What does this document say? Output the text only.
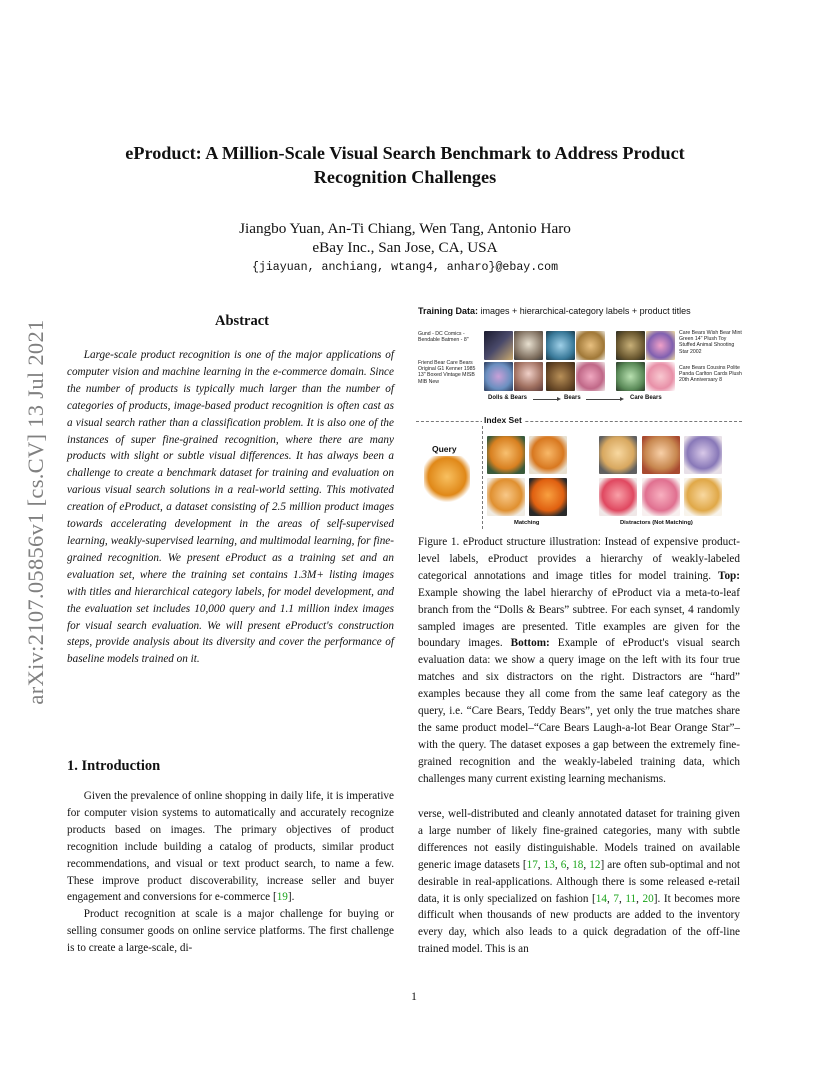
arXiv:2107.05856v1 [cs.CV] 13 Jul 2021
eProduct: A Million-Scale Visual Search Benchmark to Address Product
Recognition Challenges
Jiangbo Yuan, An-Ti Chiang, Wen Tang, Antonio Haro
eBay Inc., San Jose, CA, USA
{jiayuan, anchiang, wtang4, anharo}@ebay.com
Abstract
Large-scale product recognition is one of the major applications of computer vision and machine learning in the e-commerce domain. Since the number of products is typically much larger than the number of categories of products, image-based product recognition is often cast as a visual search rather than a classification problem. It is also one of the instances of super fine-grained recognition, where there are many products with slight or subtle visual differences. It has always been a challenge to create a benchmark dataset for training and evaluation on various visual search solutions in a real-world setting. This motivated creation of eProduct, a dataset consisting of 2.5 million product images towards accelerating development in the areas of self-supervised learning, weakly-supervised learning, and multimodal learning, for fine-grained recognition. We present eProduct as a training set and an evaluation set, where the training set contains 1.3M+ listing images with titles and hierarchical category labels, for model development, and the evaluation set includes 10,000 query and 1.1 million index images for visual search evaluation. We will present eProduct's construction steps, provide analysis about its diversity and cover the performance of baseline models trained on it.
1. Introduction

Given the prevalence of online shopping in daily life, it is imperative for computer vision systems to automatically and accurately recognize products based on images. The primary objectives of product recognition include building a catalog of products, similar product recommendations, and visual or text product search, to name a few. These improve product discoverability, increase seller and buyer engagement and conversions for e-commerce [19].

Product recognition at scale is a major challenge for buying or selling consumer goods on online service platforms. The first challenge is to create a large-scale, di-

verse, well-distributed and cleanly annotated dataset for training given a large number of likely fine-grained categories, many with subtle differences not easily distinguishable. Models trained on available generic image datasets [17, 13, 6, 18, 12] are often sub-optimal and not desirable in real-applications. Although there is some released e-retail data, it is only specialized on fashion [14, 7, 11, 20]. It becomes more difficult when thousands of new products are added to the inventory every day, which also leads to a quick degradation of the off-line trained model. This is an
Training Data: images + hierarchical-category labels + product titles
Gund - DC Comics - Bendable Batmen - 8"
Friend Bear Care Bears Original G1 Kenner 1985 13" Boxed Vintage MISB MIB New
Care Bears Wish Bear Mint Green 14" Plush Toy Stuffed Animal Shooting Star 2002
Care Bears Cousins Polite Panda Carlton Cards Plush 20th Anniversary 8
Dolls & Bears	Bears	Care Bears
Index Set
Query
Matching	Distractors (Not Matching)
Figure 1. eProduct structure illustration: Instead of expensive product-level labels, eProduct provides a hierarchy of weakly-labeled categorical annotations and image titles for model training. Top: Example showing the label hierarchy of eProduct via a meta-to-leaf branch from the “Dolls & Bears” subtree. For each synset, 4 randomly sampled images are presented. Title examples are given for the boundary images. Bottom: Example of eProduct's visual search evaluation data: we show a query image on the left with its four true matches and six distractors on the right. Distractors are “hard” examples because they all come from the same leaf category as the query, i.e. “Care Bears, Teddy Bears”, yet only the true matches share the same product model–“Care Bears Laugh-a-lot Bear Orange Star”–with the query. The dataset exposes a gap between the extremely fine-grained recognition and the weakly-labeled training data, which challenges many current existing learning mechanisms.
1
